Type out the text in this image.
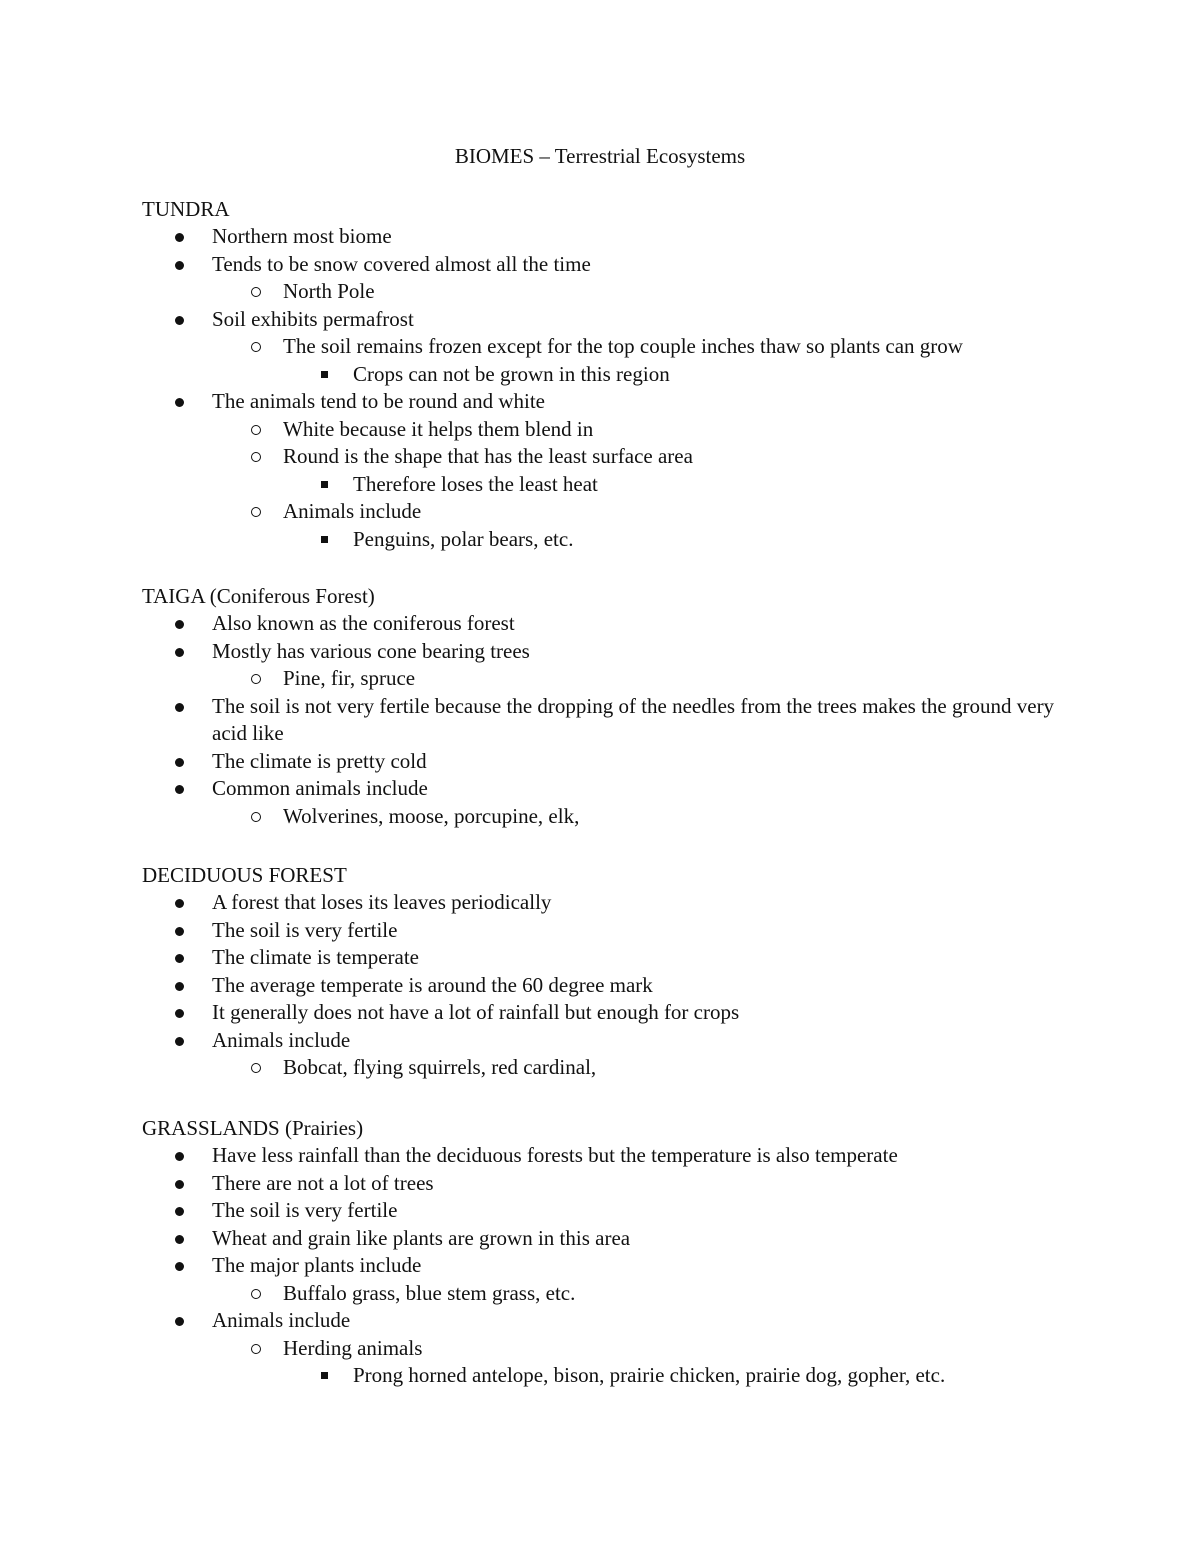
BIOMES – Terrestrial Ecosystems
TUNDRA
Northern most biome
Tends to be snow covered almost all the time
North Pole
Soil exhibits permafrost
The soil remains frozen except for the top couple inches thaw so plants can grow
Crops can not be grown in this region
The animals tend to be round and white
White because it helps them blend in
Round is the shape that has the least surface area
Therefore loses the least heat
Animals include
Penguins, polar bears, etc.
TAIGA (Coniferous Forest)
Also known as the coniferous forest
Mostly has various cone bearing trees
Pine, fir, spruce
The soil is not very fertile because the dropping of the needles from the trees makes the ground very acid like
The climate is pretty cold
Common animals include
Wolverines, moose, porcupine, elk,
DECIDUOUS FOREST
A forest that loses its leaves periodically
The soil is very fertile
The climate is temperate
The average temperate is around the 60 degree mark
It generally does not have a lot of rainfall but enough for crops
Animals include
Bobcat, flying squirrels, red cardinal,
GRASSLANDS (Prairies)
Have less rainfall than the deciduous forests but the temperature is also temperate
There are not a lot of trees
The soil is very fertile
Wheat and grain like plants are grown in this area
The major plants include
Buffalo grass, blue stem grass, etc.
Animals include
Herding animals
Prong horned antelope, bison, prairie chicken, prairie dog, gopher, etc.
